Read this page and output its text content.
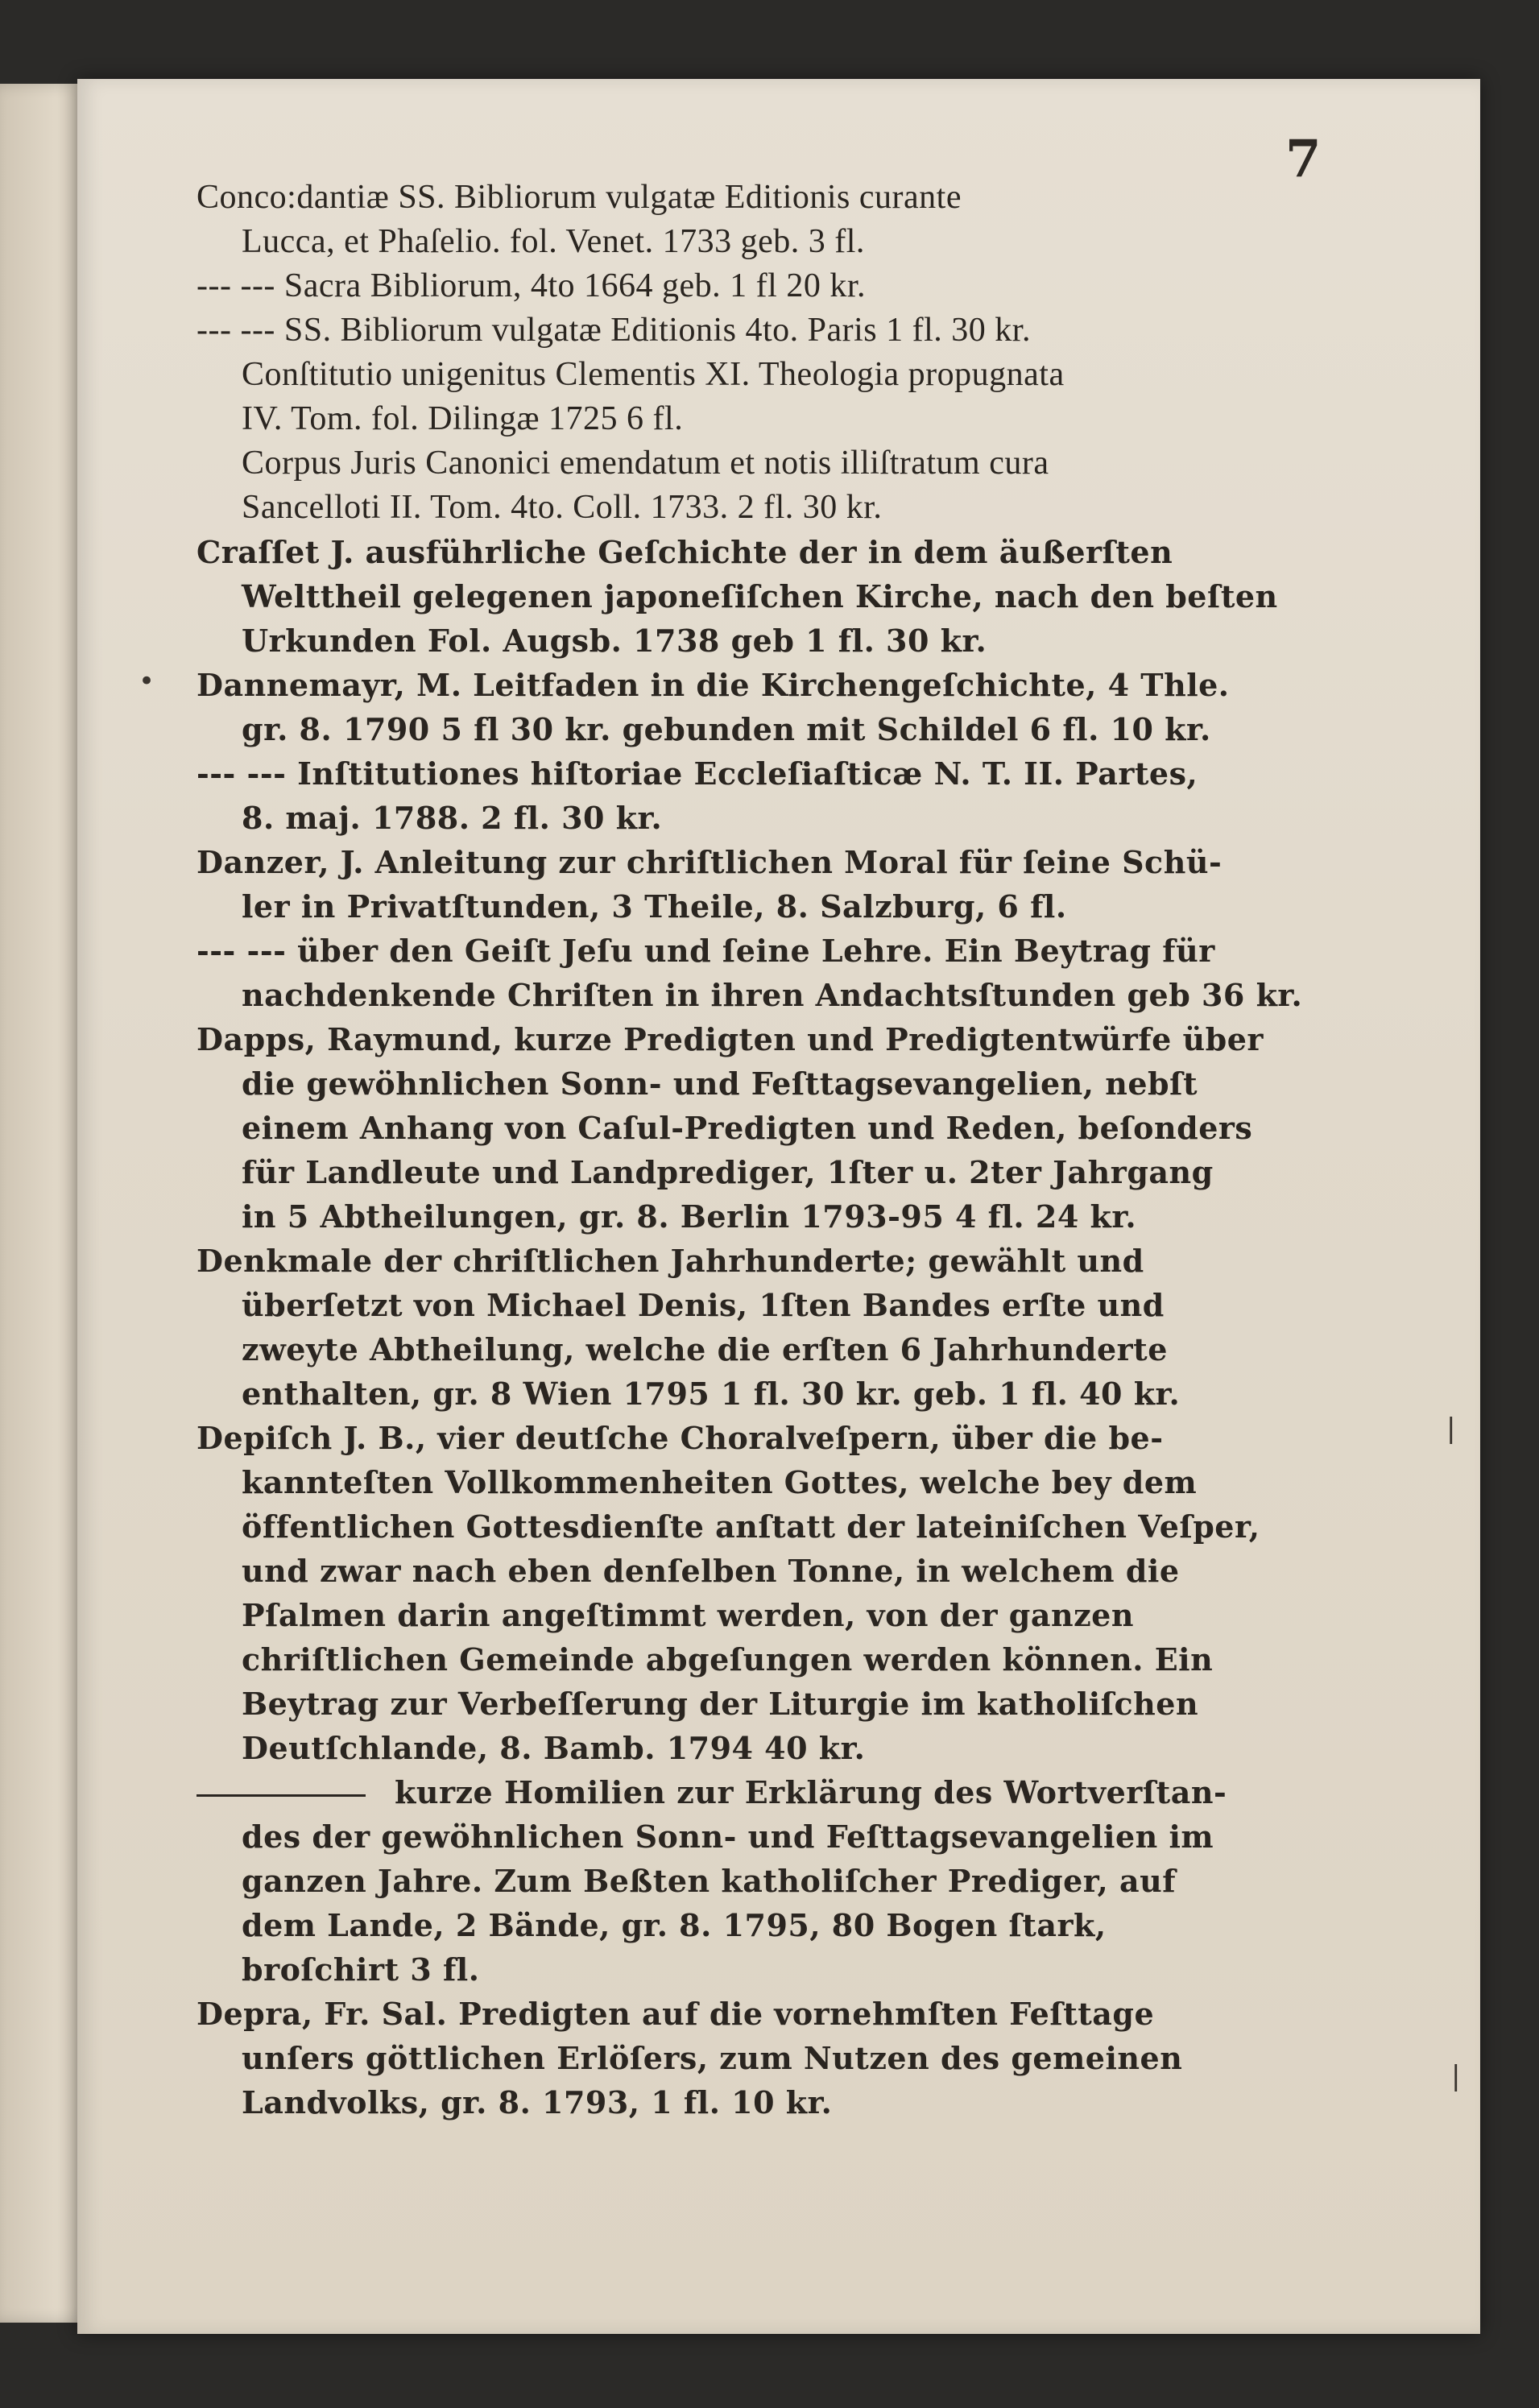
7
•
|
|
Conco:dantiæ SS. Bibliorum vulgatæ Editionis curante
Lucca, et Phaſelio. fol. Venet. 1733 geb. 3 fl.
--- --- Sacra Bibliorum, 4to 1664 geb. 1 fl 20 kr.
--- --- SS. Bibliorum vulgatæ Editionis 4to. Paris 1 fl. 30 kr.
Conſtitutio unigenitus Clementis XI. Theologia propugnata
IV. Tom. fol. Dilingæ 1725 6 fl.
Corpus Juris Canonici emendatum et notis illiſtratum cura
Sancelloti II. Tom. 4to. Coll. 1733. 2 fl. 30 kr.
Craſſet J. ausführliche Geſchichte der in dem äußerſten
Welttheil gelegenen japoneſiſchen Kirche, nach den beſten
Urkunden Fol. Augsb. 1738 geb 1 fl. 30 kr.
Dannemayr, M. Leitfaden in die Kirchengeſchichte, 4 Thle.
gr. 8. 1790 5 fl 30 kr. gebunden mit Schildel 6 fl. 10 kr.
--- --- Inſtitutiones hiſtoriae Eccleſiaſticæ N. T. II. Partes,
8. maj. 1788. 2 fl. 30 kr.
Danzer, J. Anleitung zur chriſtlichen Moral für ſeine Schü-
ler in Privatſtunden, 3 Theile, 8. Salzburg, 6 fl.
--- --- über den Geiſt Jeſu und ſeine Lehre. Ein Beytrag für
nachdenkende Chriſten in ihren Andachtsſtunden geb 36 kr.
Dapps, Raymund, kurze Predigten und Predigtentwürfe über
die gewöhnlichen Sonn- und Feſttagsevangelien, nebſt
einem Anhang von Caſul-Predigten und Reden, beſonders
für Landleute und Landprediger, 1ſter u. 2ter Jahrgang
in 5 Abtheilungen, gr. 8. Berlin 1793-95 4 fl. 24 kr.
Denkmale der chriſtlichen Jahrhunderte; gewählt und
überſetzt von Michael Denis, 1ſten Bandes erſte und
zweyte Abtheilung, welche die erſten 6 Jahrhunderte
enthalten, gr. 8 Wien 1795 1 fl. 30 kr. geb. 1 fl. 40 kr.
Depiſch J. B., vier deutſche Choralveſpern, über die be-
kannteſten Vollkommenheiten Gottes, welche bey dem
öffentlichen Gottesdienſte anſtatt der lateiniſchen Veſper,
und zwar nach eben denſelben Tonne, in welchem die
Pſalmen darin angeſtimmt werden, von der ganzen
chriſtlichen Gemeinde abgeſungen werden können. Ein
Beytrag zur Verbeſſerung der Liturgie im katholiſchen
Deutſchlande, 8. Bamb. 1794 40 kr.
kurze Homilien zur Erklärung des Wortverſtan-
des der gewöhnlichen Sonn- und Feſttagsevangelien im
ganzen Jahre. Zum Beßten katholiſcher Prediger, auf
dem Lande, 2 Bände, gr. 8. 1795, 80 Bogen ſtark,
broſchirt 3 fl.
Depra, Fr. Sal. Predigten auf die vornehmſten Feſttage
unſers göttlichen Erlöſers, zum Nutzen des gemeinen
Landvolks, gr. 8. 1793, 1 fl. 10 kr.
